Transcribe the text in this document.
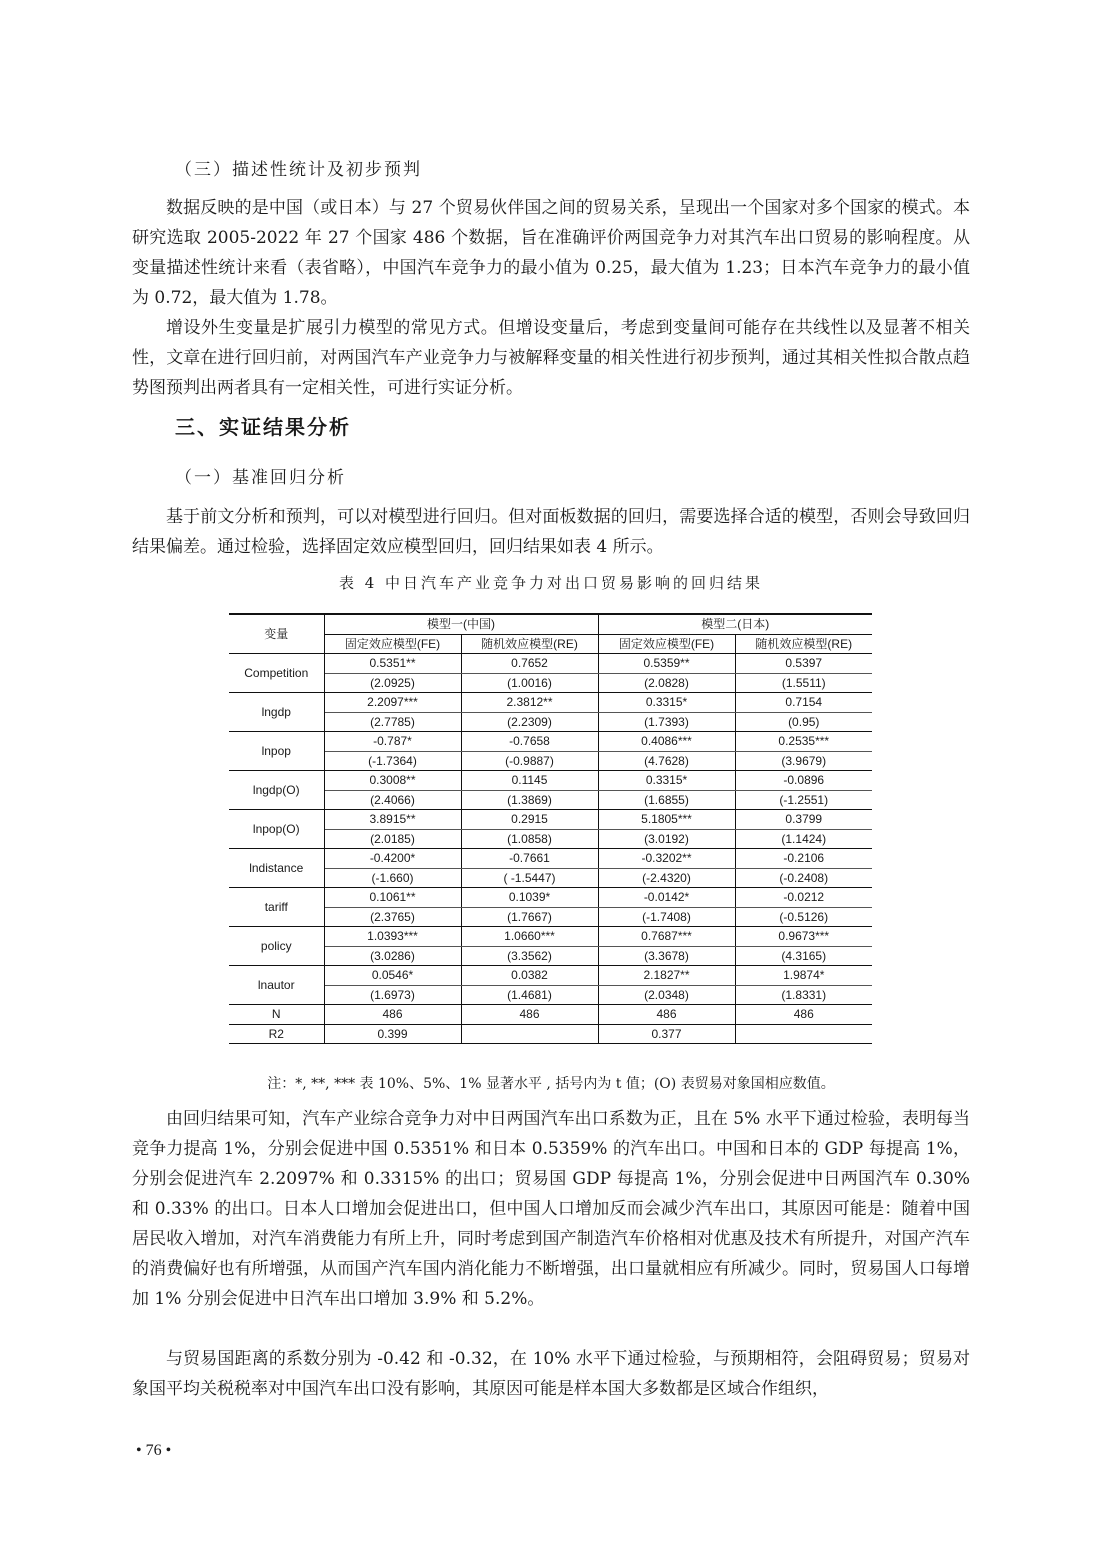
（三）描述性统计及初步预判

数据反映的是中国（或日本）与 27 个贸易伙伴国之间的贸易关系，呈现出一个国家对多个国家的模式。本研究选取 2005-2022 年 27 个国家 486 个数据，旨在准确评价两国竞争力对其汽车出口贸易的影响程度。从变量描述性统计来看（表省略），中国汽车竞争力的最小值为 0.25，最大值为 1.23；日本汽车竞争力的最小值为 0.72，最大值为 1.78。

增设外生变量是扩展引力模型的常见方式。但增设变量后，考虑到变量间可能存在共线性以及显著不相关性，文章在进行回归前，对两国汽车产业竞争力与被解释变量的相关性进行初步预判，通过其相关性拟合散点趋势图预判出两者具有一定相关性，可进行实证分析。

三、实证结果分析
（一）基准回归分析

基于前文分析和预判，可以对模型进行回归。但对面板数据的回归，需要选择合适的模型，否则会导致回归结果偏差。通过检验，选择固定效应模型回归，回归结果如表 4 所示。

表 4 中日汽车产业竞争力对出口贸易影响的回归结果
变量	模型一(中国)		模型二(日本)	
	固定效应模型(FE)	随机效应模型(RE)	固定效应模型(FE)	随机效应模型(RE)
Competition	0.5351**	0.7652	0.5359**	0.5397
	(2.0925)	(1.0016)	(2.0828)	(1.5511)
lngdp	2.2097***	2.3812**	0.3315*	0.7154
	(2.7785)	(2.2309)	(1.7393)	(0.95)
lnpop	-0.787*	-0.7658	0.4086***	0.2535***
	(-1.7364)	(-0.9887)	(4.7628)	(3.9679)
lngdp(O)	0.3008**	0.1145	0.3315*	-0.0896
	(2.4066)	(1.3869)	(1.6855)	(-1.2551)
lnpop(O)	3.8915**	0.2915	5.1805***	0.3799
	(2.0185)	(1.0858)	(3.0192)	(1.1424)
lndistance	-0.4200*	-0.7661	-0.3202**	-0.2106
	(-1.660)	( -1.5447)	(-2.4320)	(-0.2408)
tariff	0.1061**	0.1039*	-0.0142*	-0.0212
	(2.3765)	(1.7667)	(-1.7408)	(-0.5126)
policy	1.0393***	1.0660***	0.7687***	0.9673***
	(3.0286)	(3.3562)	(3.3678)	(4.3165)
lnautor	0.0546*	0.0382	2.1827**	1.9874*
	(1.6973)	(1.4681)	(2.0348)	(1.8331)
N	486	486	486	486
R2	0.399		0.377	
注：*, **, *** 表 10%、5%、1% 显著水平 , 括号内为 t 值；(O) 表贸易对象国相应数值。

由回归结果可知，汽车产业综合竞争力对中日两国汽车出口系数为正，且在 5% 水平下通过检验，表明每当竞争力提高 1%，分别会促进中国 0.5351% 和日本 0.5359% 的汽车出口。中国和日本的 GDP 每提高 1%，分别会促进汽车 2.2097% 和 0.3315% 的出口；贸易国 GDP 每提高 1%，分别会促进中日两国汽车 0.30% 和 0.33% 的出口。日本人口增加会促进出口，但中国人口增加反而会减少汽车出口，其原因可能是：随着中国居民收入增加，对汽车消费能力有所上升，同时考虑到国产制造汽车价格相对优惠及技术有所提升，对国产汽车的消费偏好也有所增强，从而国产汽车国内消化能力不断增强，出口量就相应有所减少。同时，贸易国人口每增加 1% 分别会促进中日汽车出口增加 3.9% 和 5.2%。

与贸易国距离的系数分别为 -0.42 和 -0.32，在 10% 水平下通过检验，与预期相符，会阻碍贸易；贸易对象国平均关税税率对中国汽车出口没有影响，其原因可能是样本国大多数都是区域合作组织，

• 76 •
